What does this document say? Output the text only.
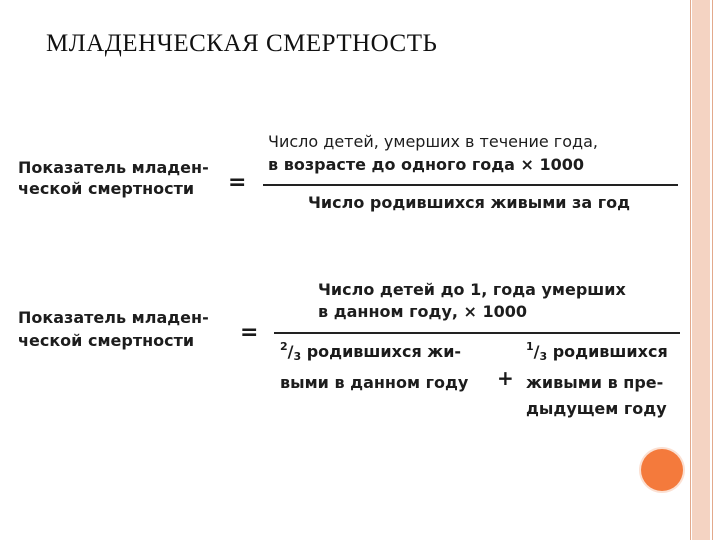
МЛАДЕНЧЕСКАЯ СМЕРТНОСТЬ
Показатель младен-
ческой смертности =
Число детей, умерших в течение года,
в возрасте до одного года × 1000
Число родившихся живыми за год
Показатель младен-
ческой смертности =
Число детей до 1, года умерших
в данном году, × 1000
$^2$/3 родившихся жи-
выми в данном году +
$^1$/3 родившихся
живыми в пре-
дыдущем году
